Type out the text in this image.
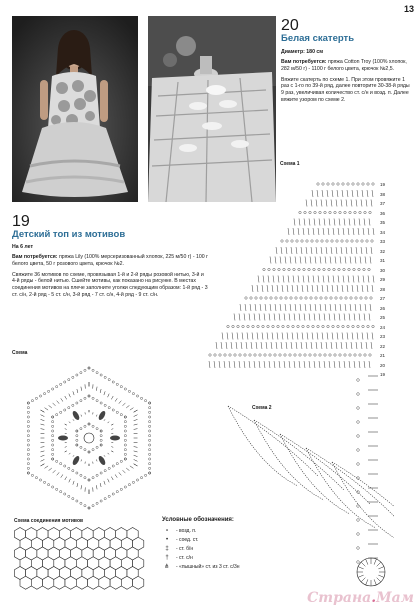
13
20
Белая скатерть
Диаметр: 180 см
Вам потребуется: пряжа Cotton Troy (100% хлопок, 282 м/50 г) - 1100 г белого цвета, крючок №2,5.
Вяжите скатерть по схеме 1. При этом провяжите 1 раз с 1-го по 39-й ряд, далее повторите 30-38-й ряды 9 раз, увеличивая количество ст. с/н и возд. п. Далее вяжите узором по схеме 2.
19
Детский топ из мотивов
На 6 лет
Вам потребуется: пряжа Lily (100% мерсеризованный хлопок, 225 м/50 г) - 100 г белого цвета, 50 г розового цвета, крючок №2.
Свяжите 36 мотивов по схеме, провязывая 1-й и 2-й ряды розовой нитью, 3-й и 4-й ряды - белой нитью. Сшейте мотивы, как показано на рисунке. В местах соединения мотивов на плече заполните уголки следующим образом: 1-й ряд - 3 ст. с/н, 2-й ряд - 5 ст. с/н, 3-й ряд - 7 ст. с/н, 4-й ряд - 9 ст. с/н.
Схема
Схема 1
Схема 2
Схема соединения мотивов
19
38
37
36
35
34
33
32
31
30
29
28
27
26
25
24
23
22
21
20
19
Условные обозначения:
∘	- возд. п.
•	- соед. ст.
‡	- ст. б/н
†	- ст. с/н
⋔	- «пышный» ст. из 3 ст. с/3н
Страна.Мам
